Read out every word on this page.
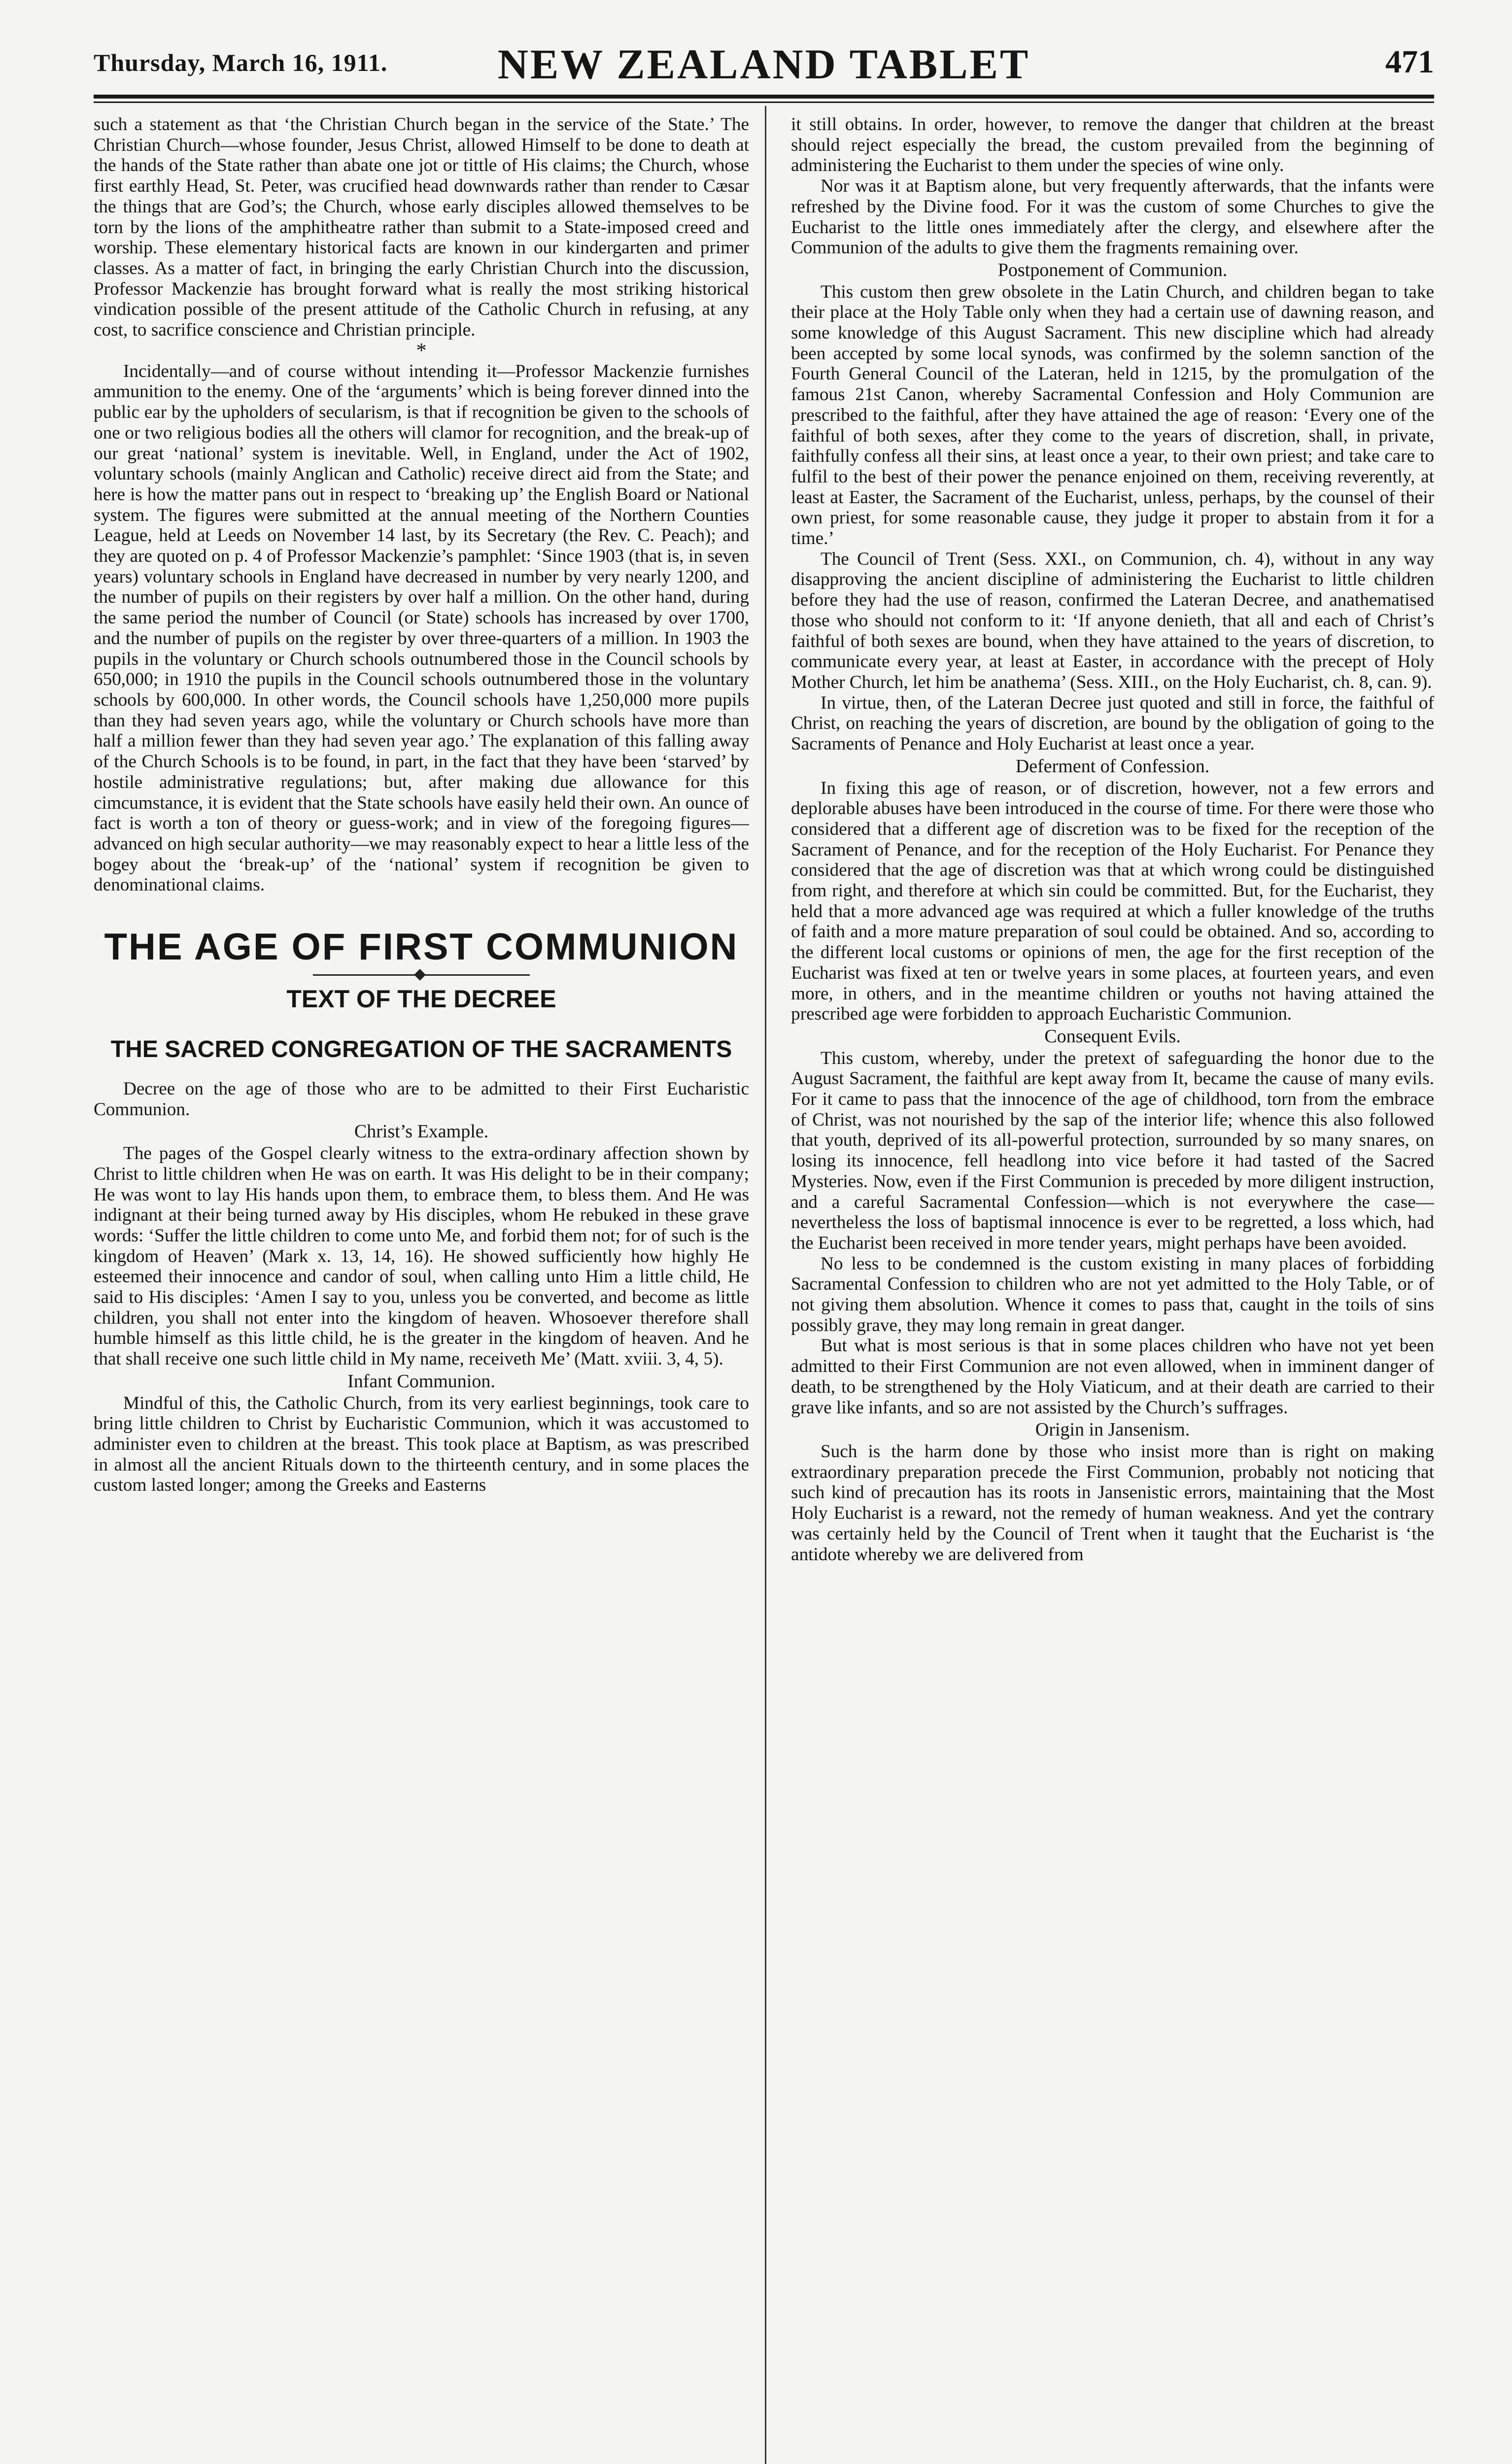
Thursday, March 16, 1911.	NEW ZEALAND TABLET	471

such a statement as that ‘the Christian Church began in the service of the State.’ The Christian Church—whose founder, Jesus Christ, allowed Himself to be done to death at the hands of the State rather than abate one jot or tittle of His claims; the Church, whose first earthly Head, St. Peter, was crucified head downwards rather than render to Cæsar the things that are God’s; the Church, whose early disciples allowed themselves to be torn by the lions of the amphitheatre rather than submit to a State-imposed creed and worship. These elementary historical facts are known in our kindergarten and primer classes. As a matter of fact, in bringing the early Christian Church into the discussion, Professor Mackenzie has brought forward what is really the most striking historical vindication possible of the present attitude of the Catholic Church in refusing, at any cost, to sacrifice conscience and Christian principle.

*

Incidentally—and of course without intending it—Professor Mackenzie furnishes ammunition to the enemy. One of the ‘arguments’ which is being forever dinned into the public ear by the upholders of secularism, is that if recognition be given to the schools of one or two religious bodies all the others will clamor for recognition, and the break-up of our great ‘national’ system is inevitable. Well, in England, under the Act of 1902, voluntary schools (mainly Anglican and Catholic) receive direct aid from the State; and here is how the matter pans out in respect to ‘breaking up’ the English Board or National system. The figures were submitted at the annual meeting of the Northern Counties League, held at Leeds on November 14 last, by its Secretary (the Rev. C. Peach); and they are quoted on p. 4 of Professor Mackenzie’s pamphlet: ‘Since 1903 (that is, in seven years) voluntary schools in England have decreased in number by very nearly 1200, and the number of pupils on their registers by over half a million. On the other hand, during the same period the number of Council (or State) schools has increased by over 1700, and the number of pupils on the register by over three-quarters of a million. In 1903 the pupils in the voluntary or Church schools outnumbered those in the Council schools by 650,000; in 1910 the pupils in the Council schools outnumbered those in the voluntary schools by 600,000. In other words, the Council schools have 1,250,000 more pupils than they had seven years ago, while the voluntary or Church schools have more than half a million fewer than they had seven year ago.’ The explanation of this falling away of the Church Schools is to be found, in part, in the fact that they have been ‘starved’ by hostile administrative regulations; but, after making due allowance for this cimcumstance, it is evident that the State schools have easily held their own. An ounce of fact is worth a ton of theory or guess-work; and in view of the foregoing figures—advanced on high secular authority—we may reasonably expect to hear a little less of the bogey about the ‘break-up’ of the ‘national’ system if recognition be given to denominational claims.

THE AGE OF FIRST COMMUNION
TEXT OF THE DECREE
THE SACRED CONGREGATION OF THE SACRAMENTS

Decree on the age of those who are to be admitted to their First Eucharistic Communion.

Christ’s Example.

The pages of the Gospel clearly witness to the extra-ordinary affection shown by Christ to little children when He was on earth. It was His delight to be in their company; He was wont to lay His hands upon them, to embrace them, to bless them. And He was indignant at their being turned away by His disciples, whom He rebuked in these grave words: ‘Suffer the little children to come unto Me, and forbid them not; for of such is the kingdom of Heaven’ (Mark x. 13, 14, 16). He showed sufficiently how highly He esteemed their innocence and candor of soul, when calling unto Him a little child, He said to His disciples: ‘Amen I say to you, unless you be converted, and become as little children, you shall not enter into the kingdom of heaven. Whosoever therefore shall humble himself as this little child, he is the greater in the kingdom of heaven. And he that shall receive one such little child in My name, receiveth Me’ (Matt. xviii. 3, 4, 5).

Infant Communion.

Mindful of this, the Catholic Church, from its very earliest beginnings, took care to bring little children to Christ by Eucharistic Communion, which it was accustomed to administer even to children at the breast. This took place at Baptism, as was prescribed in almost all the ancient Rituals down to the thirteenth century, and in some places the custom lasted longer; among the Greeks and Easterns

it still obtains. In order, however, to remove the danger that children at the breast should reject especially the bread, the custom prevailed from the beginning of administering the Eucharist to them under the species of wine only.

Nor was it at Baptism alone, but very frequently afterwards, that the infants were refreshed by the Divine food. For it was the custom of some Churches to give the Eucharist to the little ones immediately after the clergy, and elsewhere after the Communion of the adults to give them the fragments remaining over.

Postponement of Communion.

This custom then grew obsolete in the Latin Church, and children began to take their place at the Holy Table only when they had a certain use of dawning reason, and some knowledge of this August Sacrament. This new discipline which had already been accepted by some local synods, was confirmed by the solemn sanction of the Fourth General Council of the Lateran, held in 1215, by the promulgation of the famous 21st Canon, whereby Sacramental Confession and Holy Communion are prescribed to the faithful, after they have attained the age of reason: ‘Every one of the faithful of both sexes, after they come to the years of discretion, shall, in private, faithfully confess all their sins, at least once a year, to their own priest; and take care to fulfil to the best of their power the penance enjoined on them, receiving reverently, at least at Easter, the Sacrament of the Eucharist, unless, perhaps, by the counsel of their own priest, for some reasonable cause, they judge it proper to abstain from it for a time.’

The Council of Trent (Sess. XXI., on Communion, ch. 4), without in any way disapproving the ancient discipline of administering the Eucharist to little children before they had the use of reason, confirmed the Lateran Decree, and anathematised those who should not conform to it: ‘If anyone denieth, that all and each of Christ’s faithful of both sexes are bound, when they have attained to the years of discretion, to communicate every year, at least at Easter, in accordance with the precept of Holy Mother Church, let him be anathema’ (Sess. XIII., on the Holy Eucharist, ch. 8, can. 9).

In virtue, then, of the Lateran Decree just quoted and still in force, the faithful of Christ, on reaching the years of discretion, are bound by the obligation of going to the Sacraments of Penance and Holy Eucharist at least once a year.

Deferment of Confession.

In fixing this age of reason, or of discretion, however, not a few errors and deplorable abuses have been introduced in the course of time. For there were those who considered that a different age of discretion was to be fixed for the reception of the Sacrament of Penance, and for the reception of the Holy Eucharist. For Penance they considered that the age of discretion was that at which wrong could be distinguished from right, and therefore at which sin could be committed. But, for the Eucharist, they held that a more advanced age was required at which a fuller knowledge of the truths of faith and a more mature preparation of soul could be obtained. And so, according to the different local customs or opinions of men, the age for the first reception of the Eucharist was fixed at ten or twelve years in some places, at fourteen years, and even more, in others, and in the meantime children or youths not having attained the prescribed age were forbidden to approach Eucharistic Communion.

Consequent Evils.

This custom, whereby, under the pretext of safeguarding the honor due to the August Sacrament, the faithful are kept away from It, became the cause of many evils. For it came to pass that the innocence of the age of childhood, torn from the embrace of Christ, was not nourished by the sap of the interior life; whence this also followed that youth, deprived of its all-powerful protection, surrounded by so many snares, on losing its innocence, fell headlong into vice before it had tasted of the Sacred Mysteries. Now, even if the First Communion is preceded by more diligent instruction, and a careful Sacramental Confession—which is not everywhere the case—nevertheless the loss of baptismal innocence is ever to be regretted, a loss which, had the Eucharist been received in more tender years, might perhaps have been avoided.

No less to be condemned is the custom existing in many places of forbidding Sacramental Confession to children who are not yet admitted to the Holy Table, or of not giving them absolution. Whence it comes to pass that, caught in the toils of sins possibly grave, they may long remain in great danger.

But what is most serious is that in some places children who have not yet been admitted to their First Communion are not even allowed, when in imminent danger of death, to be strengthened by the Holy Viaticum, and at their death are carried to their grave like infants, and so are not assisted by the Church’s suffrages.

Origin in Jansenism.

Such is the harm done by those who insist more than is right on making extraordinary preparation precede the First Communion, probably not noticing that such kind of precaution has its roots in Jansenistic errors, maintaining that the Most Holy Eucharist is a reward, not the remedy of human weakness. And yet the contrary was certainly held by the Council of Trent when it taught that the Eucharist is ‘the antidote whereby we are delivered from
